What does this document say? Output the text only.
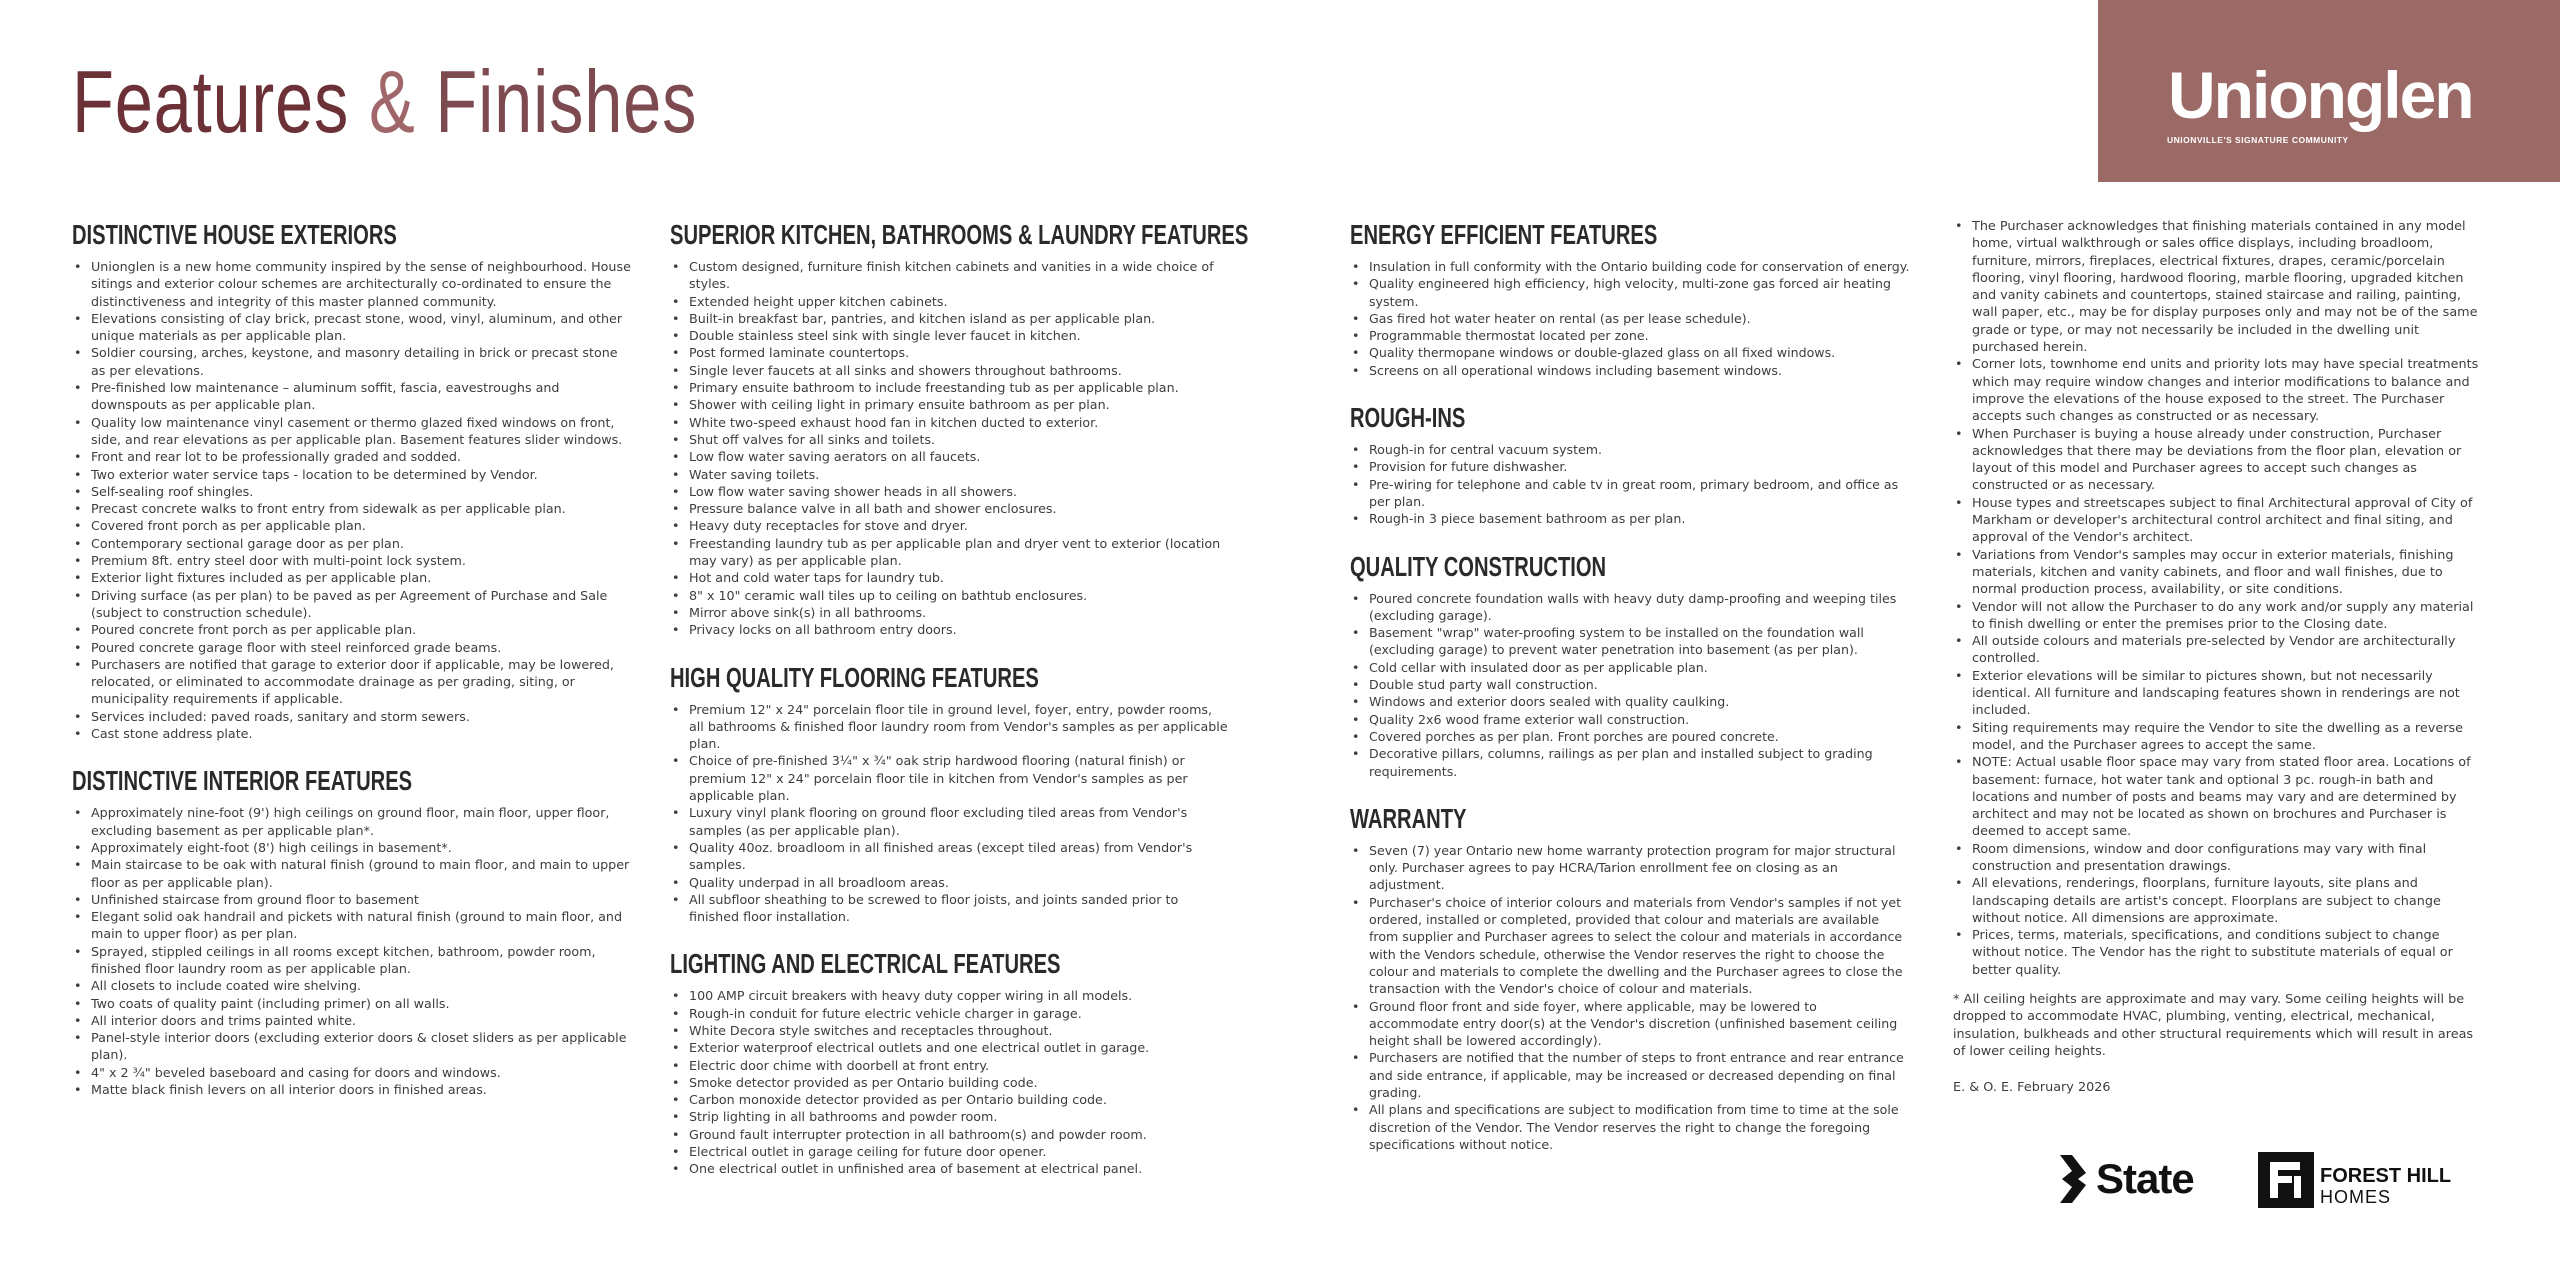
Features & Finishes	Unionglen
UNIONVILLE'S SIGNATURE COMMUNITY
DISTINCTIVE HOUSE EXTERIORS
• Unionglen is a new home community inspired by the sense of neighbourhood. House sitings and exterior colour schemes are architecturally co-ordinated to ensure the distinctiveness and integrity of this master planned community.
• Elevations consisting of clay brick, precast stone, wood, vinyl, aluminum, and other unique materials as per applicable plan.
• Soldier coursing, arches, keystone, and masonry detailing in brick or precast stone as per elevations.
• Pre-finished low maintenance – aluminum soffit, fascia, eavestroughs and downspouts as per applicable plan.
• Quality low maintenance vinyl casement or thermo glazed fixed windows on front, side, and rear elevations as per applicable plan. Basement features slider windows.
• Front and rear lot to be professionally graded and sodded.
• Two exterior water service taps - location to be determined by Vendor.
• Self-sealing roof shingles.
• Precast concrete walks to front entry from sidewalk as per applicable plan.
• Covered front porch as per applicable plan.
• Contemporary sectional garage door as per plan.
• Premium 8ft. entry steel door with multi-point lock system.
• Exterior light fixtures included as per applicable plan.
• Driving surface (as per plan) to be paved as per Agreement of Purchase and Sale (subject to construction schedule).
• Poured concrete front porch as per applicable plan.
• Poured concrete garage floor with steel reinforced grade beams.
• Purchasers are notified that garage to exterior door if applicable, may be lowered, relocated, or eliminated to accommodate drainage as per grading, siting, or municipality requirements if applicable.
• Services included: paved roads, sanitary and storm sewers.
• Cast stone address plate.
DISTINCTIVE INTERIOR FEATURES
• Approximately nine-foot (9') high ceilings on ground floor, main floor, upper floor, excluding basement as per applicable plan*.
• Approximately eight-foot (8') high ceilings in basement*.
• Main staircase to be oak with natural finish (ground to main floor, and main to upper floor as per applicable plan).
• Unfinished staircase from ground floor to basement
• Elegant solid oak handrail and pickets with natural finish (ground to main floor, and main to upper floor) as per plan.
• Sprayed, stippled ceilings in all rooms except kitchen, bathroom, powder room, finished floor laundry room as per applicable plan.
• All closets to include coated wire shelving.
• Two coats of quality paint (including primer) on all walls.
• All interior doors and trims painted white.
• Panel-style interior doors (excluding exterior doors & closet sliders as per applicable plan).
• 4" x 2 ¾" beveled baseboard and casing for doors and windows.
• Matte black finish levers on all interior doors in finished areas.
SUPERIOR KITCHEN, BATHROOMS & LAUNDRY FEATURES
• Custom designed, furniture finish kitchen cabinets and vanities in a wide choice of styles.
• Extended height upper kitchen cabinets.
• Built-in breakfast bar, pantries, and kitchen island as per applicable plan.
• Double stainless steel sink with single lever faucet in kitchen.
• Post formed laminate countertops.
• Single lever faucets at all sinks and showers throughout bathrooms.
• Primary ensuite bathroom to include freestanding tub as per applicable plan.
• Shower with ceiling light in primary ensuite bathroom as per plan.
• White two-speed exhaust hood fan in kitchen ducted to exterior.
• Shut off valves for all sinks and toilets.
• Low flow water saving aerators on all faucets.
• Water saving toilets.
• Low flow water saving shower heads in all showers.
• Pressure balance valve in all bath and shower enclosures.
• Heavy duty receptacles for stove and dryer.
• Freestanding laundry tub as per applicable plan and dryer vent to exterior (location may vary) as per applicable plan.
• Hot and cold water taps for laundry tub.
• 8" x 10" ceramic wall tiles up to ceiling on bathtub enclosures.
• Mirror above sink(s) in all bathrooms.
• Privacy locks on all bathroom entry doors.
HIGH QUALITY FLOORING FEATURES
• Premium 12" x 24" porcelain floor tile in ground level, foyer, entry, powder rooms, all bathrooms & finished floor laundry room from Vendor's samples as per applicable plan.
• Choice of pre-finished 3¼" x ¾" oak strip hardwood flooring (natural finish) or premium 12" x 24" porcelain floor tile in kitchen from Vendor's samples as per applicable plan.
• Luxury vinyl plank flooring on ground floor excluding tiled areas from Vendor's samples (as per applicable plan).
• Quality 40oz. broadloom in all finished areas (except tiled areas) from Vendor's samples.
• Quality underpad in all broadloom areas.
• All subfloor sheathing to be screwed to floor joists, and joints sanded prior to finished floor installation.
LIGHTING AND ELECTRICAL FEATURES
• 100 AMP circuit breakers with heavy duty copper wiring in all models.
• Rough-in conduit for future electric vehicle charger in garage.
• White Decora style switches and receptacles throughout.
• Exterior waterproof electrical outlets and one electrical outlet in garage.
• Electric door chime with doorbell at front entry.
• Smoke detector provided as per Ontario building code.
• Carbon monoxide detector provided as per Ontario building code.
• Strip lighting in all bathrooms and powder room.
• Ground fault interrupter protection in all bathroom(s) and powder room.
• Electrical outlet in garage ceiling for future door opener.
• One electrical outlet in unfinished area of basement at electrical panel.
ENERGY EFFICIENT FEATURES
• Insulation in full conformity with the Ontario building code for conservation of energy.
• Quality engineered high efficiency, high velocity, multi-zone gas forced air heating system.
• Gas fired hot water heater on rental (as per lease schedule).
• Programmable thermostat located per zone.
• Quality thermopane windows or double-glazed glass on all fixed windows.
• Screens on all operational windows including basement windows.
ROUGH-INS
• Rough-in for central vacuum system.
• Provision for future dishwasher.
• Pre-wiring for telephone and cable tv in great room, primary bedroom, and office as per plan.
• Rough-in 3 piece basement bathroom as per plan.
QUALITY CONSTRUCTION
• Poured concrete foundation walls with heavy duty damp-proofing and weeping tiles (excluding garage).
• Basement "wrap" water-proofing system to be installed on the foundation wall (excluding garage) to prevent water penetration into basement (as per plan).
• Cold cellar with insulated door as per applicable plan.
• Double stud party wall construction.
• Windows and exterior doors sealed with quality caulking.
• Quality 2x6 wood frame exterior wall construction.
• Covered porches as per plan. Front porches are poured concrete.
• Decorative pillars, columns, railings as per plan and installed subject to grading requirements.
WARRANTY
• Seven (7) year Ontario new home warranty protection program for major structural only. Purchaser agrees to pay HCRA/Tarion enrollment fee on closing as an adjustment.
• Purchaser's choice of interior colours and materials from Vendor's samples if not yet ordered, installed or completed, provided that colour and materials are available from supplier and Purchaser agrees to select the colour and materials in accordance with the Vendors schedule, otherwise the Vendor reserves the right to choose the colour and materials to complete the dwelling and the Purchaser agrees to close the transaction with the Vendor's choice of colour and materials.
• Ground floor front and side foyer, where applicable, may be lowered to accommodate entry door(s) at the Vendor's discretion (unfinished basement ceiling height shall be lowered accordingly).
• Purchasers are notified that the number of steps to front entrance and rear entrance and side entrance, if applicable, may be increased or decreased depending on final grading.
• All plans and specifications are subject to modification from time to time at the sole discretion of the Vendor. The Vendor reserves the right to change the foregoing specifications without notice.
• The Purchaser acknowledges that finishing materials contained in any model home, virtual walkthrough or sales office displays, including broadloom, furniture, mirrors, fireplaces, electrical fixtures, drapes, ceramic/porcelain flooring, vinyl flooring, hardwood flooring, marble flooring, upgraded kitchen and vanity cabinets and countertops, stained staircase and railing, painting, wall paper, etc., may be for display purposes only and may not be of the same grade or type, or may not necessarily be included in the dwelling unit purchased herein.
• Corner lots, townhome end units and priority lots may have special treatments which may require window changes and interior modifications to balance and improve the elevations of the house exposed to the street. The Purchaser accepts such changes as constructed or as necessary.
• When Purchaser is buying a house already under construction, Purchaser acknowledges that there may be deviations from the floor plan, elevation or layout of this model and Purchaser agrees to accept such changes as constructed or as necessary.
• House types and streetscapes subject to final Architectural approval of City of Markham or developer's architectural control architect and final siting, and approval of the Vendor's architect.
• Variations from Vendor's samples may occur in exterior materials, finishing materials, kitchen and vanity cabinets, and floor and wall finishes, due to normal production process, availability, or site conditions.
• Vendor will not allow the Purchaser to do any work and/or supply any material to finish dwelling or enter the premises prior to the Closing date.
• All outside colours and materials pre-selected by Vendor are architecturally controlled.
• Exterior elevations will be similar to pictures shown, but not necessarily identical. All furniture and landscaping features shown in renderings are not included.
• Siting requirements may require the Vendor to site the dwelling as a reverse model, and the Purchaser agrees to accept the same.
• NOTE: Actual usable floor space may vary from stated floor area. Locations of basement: furnace, hot water tank and optional 3 pc. rough-in bath and locations and number of posts and beams may vary and are determined by architect and may not be located as shown on brochures and Purchaser is deemed to accept same.
• Room dimensions, window and door configurations may vary with final construction and presentation drawings.
• All elevations, renderings, floorplans, furniture layouts, site plans and landscaping details are artist's concept. Floorplans are subject to change without notice. All dimensions are approximate.
• Prices, terms, materials, specifications, and conditions subject to change without notice. The Vendor has the right to substitute materials of equal or better quality.
* All ceiling heights are approximate and may vary. Some ceiling heights will be dropped to accommodate HVAC, plumbing, venting, electrical, mechanical, insulation, bulkheads and other structural requirements which will result in areas of lower ceiling heights.
E. & O. E. February 2026
State	FOREST HILL
HOMES
